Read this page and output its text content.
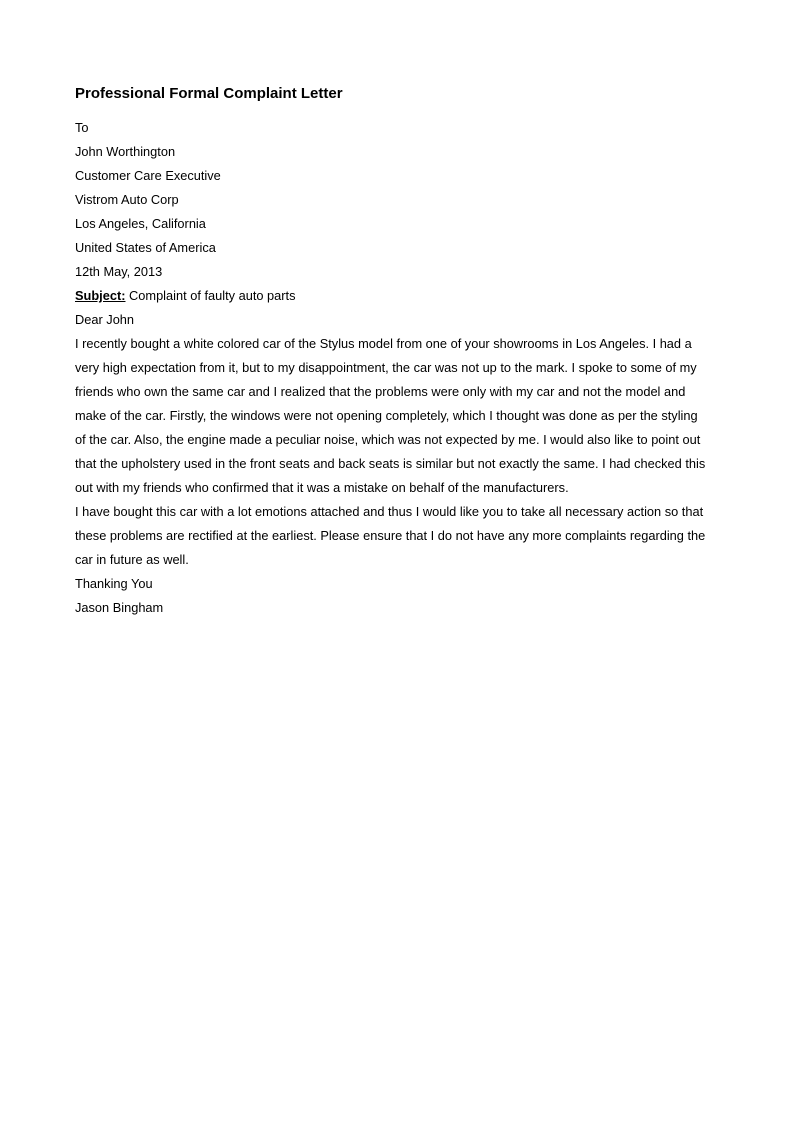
Professional Formal Complaint Letter

To

John Worthington

Customer Care Executive

Vistrom Auto Corp

Los Angeles, California

United States of America

12th May, 2013

Subject: Complaint of faulty auto parts

Dear John

I recently bought a white colored car of the Stylus model from one of your showrooms in Los Angeles. I had a very high expectation from it, but to my disappointment, the car was not up to the mark. I spoke to some of my friends who own the same car and I realized that the problems were only with my car and not the model and make of the car. Firstly, the windows were not opening completely, which I thought was done as per the styling of the car. Also, the engine made a peculiar noise, which was not expected by me. I would also like to point out that the upholstery used in the front seats and back seats is similar but not exactly the same. I had checked this out with my friends who confirmed that it was a mistake on behalf of the manufacturers.

I have bought this car with a lot emotions attached and thus I would like you to take all necessary action so that these problems are rectified at the earliest. Please ensure that I do not have any more complaints regarding the car in future as well.

Thanking You

Jason Bingham
